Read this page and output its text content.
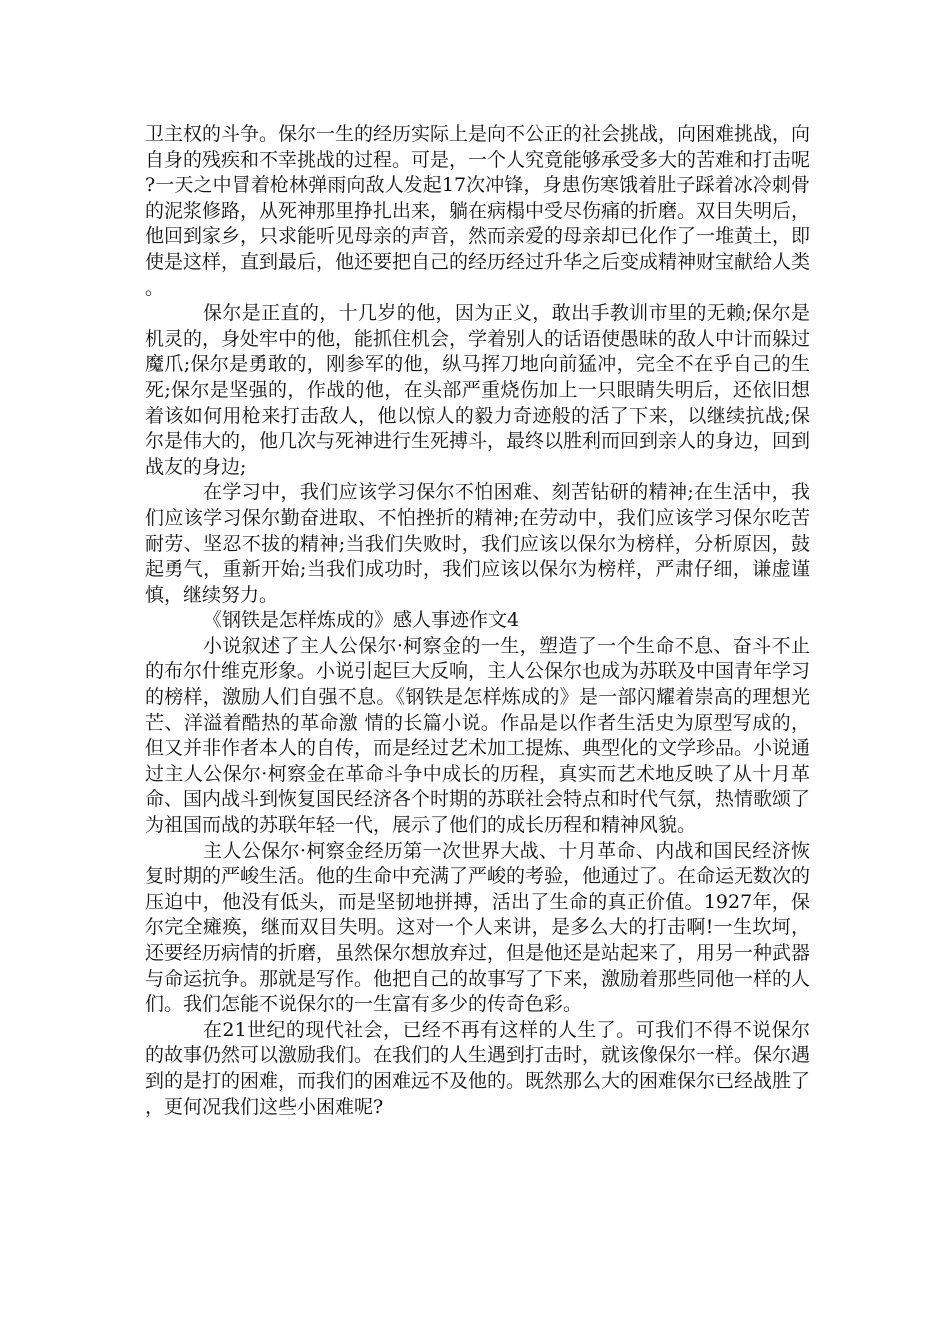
卫主权的斗争。保尔一生的经历实际上是向不公正的社会挑战，向困难挑战，向自身的残疾和不幸挑战的过程。可是，一个人究竟能够承受多大的苦难和打击呢?一天之中冒着枪林弹雨向敌人发起17次冲锋，身患伤寒饿着肚子踩着冰冷刺骨的泥浆修路，从死神那里挣扎出来，躺在病榻中受尽伤痛的折磨。双目失明后，他回到家乡，只求能听见母亲的声音，然而亲爱的母亲却已化作了一堆黄土，即使是这样，直到最后，他还要把自己的经历经过升华之后变成精神财宝献给人类。

保尔是正直的，十几岁的他，因为正义，敢出手教训市里的无赖;保尔是机灵的，身处牢中的他，能抓住机会，学着别人的话语使愚昧的敌人中计而躲过魔爪;保尔是勇敢的，刚参军的他，纵马挥刀地向前猛冲，完全不在乎自己的生死;保尔是坚强的，作战的他，在头部严重烧伤加上一只眼睛失明后，还依旧想着该如何用枪来打击敌人，他以惊人的毅力奇迹般的活了下来，以继续抗战;保尔是伟大的，他几次与死神进行生死搏斗，最终以胜利而回到亲人的身边，回到战友的身边;

在学习中，我们应该学习保尔不怕困难、刻苦钻研的精神;在生活中，我们应该学习保尔勤奋进取、不怕挫折的精神;在劳动中，我们应该学习保尔吃苦耐劳、坚忍不拔的精神;当我们失败时，我们应该以保尔为榜样，分析原因，鼓起勇气，重新开始;当我们成功时，我们应该以保尔为榜样，严肃仔细，谦虚谨慎，继续努力。

《钢铁是怎样炼成的》感人事迹作文4

小说叙述了主人公保尔·柯察金的一生，塑造了一个生命不息、奋斗不止的布尔什维克形象。小说引起巨大反响，主人公保尔也成为苏联及中国青年学习的榜样，激励人们自强不息。《钢铁是怎样炼成的》是一部闪耀着崇高的理想光芒、洋溢着酷热的革命激 情的长篇小说。作品是以作者生活史为原型写成的，但又并非作者本人的自传，而是经过艺术加工提炼、典型化的文学珍品。小说通过主人公保尔·柯察金在革命斗争中成长的历程，真实而艺术地反映了从十月革命、国内战斗到恢复国民经济各个时期的苏联社会特点和时代气氛，热情歌颂了为祖国而战的苏联年轻一代，展示了他们的成长历程和精神风貌。

主人公保尔·柯察金经历第一次世界大战、十月革命、内战和国民经济恢复时期的严峻生活。他的生命中充满了严峻的考验，他通过了。在命运无数次的压迫中，他没有低头，而是坚韧地拼搏，活出了生命的真正价值。1927年，保尔完全瘫痪，继而双目失明。这对一个人来讲，是多么大的打击啊!一生坎坷，还要经历病情的折磨，虽然保尔想放弃过，但是他还是站起来了，用另一种武器与命运抗争。那就是写作。他把自己的故事写了下来，激励着那些同他一样的人们。我们怎能不说保尔的一生富有多少的传奇色彩。

在21世纪的现代社会，已经不再有这样的人生了。可我们不得不说保尔的故事仍然可以激励我们。在我们的人生遇到打击时，就该像保尔一样。保尔遇到的是打的困难，而我们的困难远不及他的。既然那么大的困难保尔已经战胜了，更何况我们这些小困难呢?
